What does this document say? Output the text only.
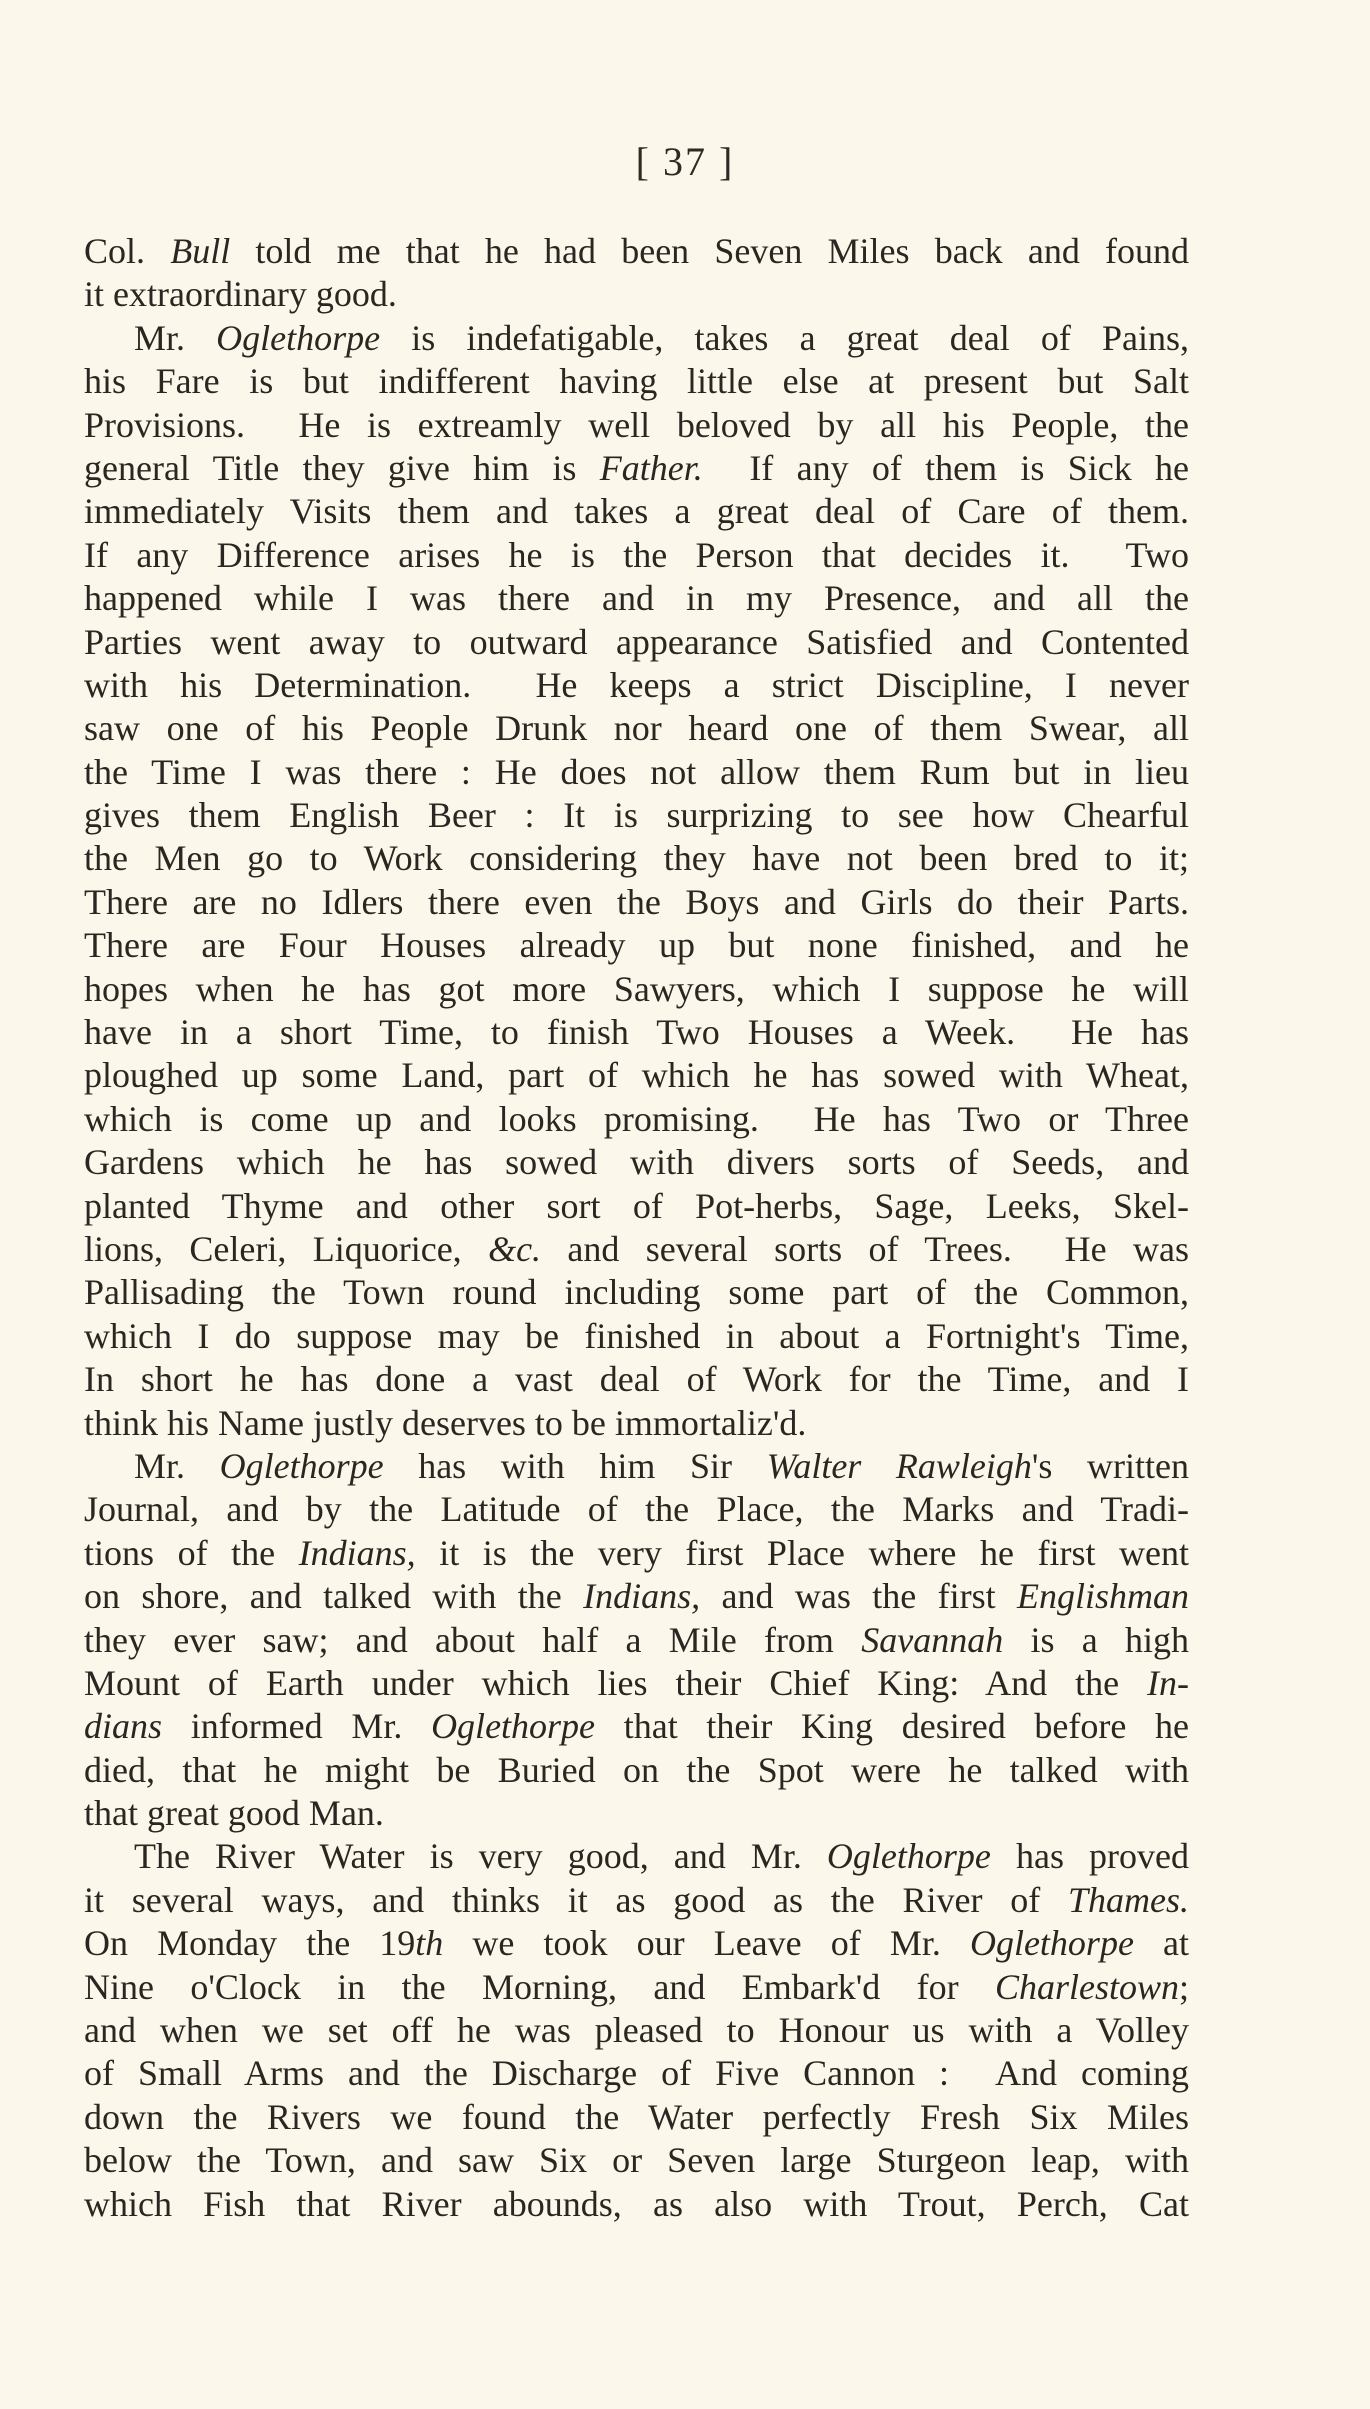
[ 37 ]
Col. Bull told me that he had been Seven Miles back and found
it extraordinary good.
Mr. Oglethorpe is indefatigable, takes a great deal of Pains,
his Fare is but indifferent having little else at present but Salt
Provisions.  He is extreamly well beloved by all his People, the
general Title they give him is Father.  If any of them is Sick he
immediately Visits them and takes a great deal of Care of them.
If any Difference arises he is the Person that decides it.  Two
happened while I was there and in my Presence, and all the
Parties went away to outward appearance Satisfied and Contented
with his Determination.  He keeps a strict Discipline, I never
saw one of his People Drunk nor heard one of them Swear, all
the Time I was there : He does not allow them Rum but in lieu
gives them English Beer : It is surprizing to see how Chearful
the Men go to Work considering they have not been bred to it;
There are no Idlers there even the Boys and Girls do their Parts.
There are Four Houses already up but none finished, and he
hopes when he has got more Sawyers, which I suppose he will
have in a short Time, to finish Two Houses a Week.  He has
ploughed up some Land, part of which he has sowed with Wheat,
which is come up and looks promising.  He has Two or Three
Gardens which he has sowed with divers sorts of Seeds, and
planted Thyme and other sort of Pot-herbs, Sage, Leeks, Skel-
lions, Celeri, Liquorice, &c. and several sorts of Trees.  He was
Pallisading the Town round including some part of the Common,
which I do suppose may be finished in about a Fortnight's Time,
In short he has done a vast deal of Work for the Time, and I
think his Name justly deserves to be immortaliz'd.
Mr. Oglethorpe has with him Sir Walter Rawleigh's written
Journal, and by the Latitude of the Place, the Marks and Tradi-
tions of the Indians, it is the very first Place where he first went
on shore, and talked with the Indians, and was the first Englishman
they ever saw; and about half a Mile from Savannah is a high
Mount of Earth under which lies their Chief King: And the In-
dians informed Mr. Oglethorpe that their King desired before he
died, that he might be Buried on the Spot were he talked with
that great good Man.
The River Water is very good, and Mr. Oglethorpe has proved
it several ways, and thinks it as good as the River of Thames.
On Monday the 19th we took our Leave of Mr. Oglethorpe at
Nine o'Clock in the Morning, and Embark'd for Charlestown;
and when we set off he was pleased to Honour us with a Volley
of Small Arms and the Discharge of Five Cannon :  And coming
down the Rivers we found the Water perfectly Fresh Six Miles
below the Town, and saw Six or Seven large Sturgeon leap, with
which Fish that River abounds, as also with Trout, Perch, Cat
